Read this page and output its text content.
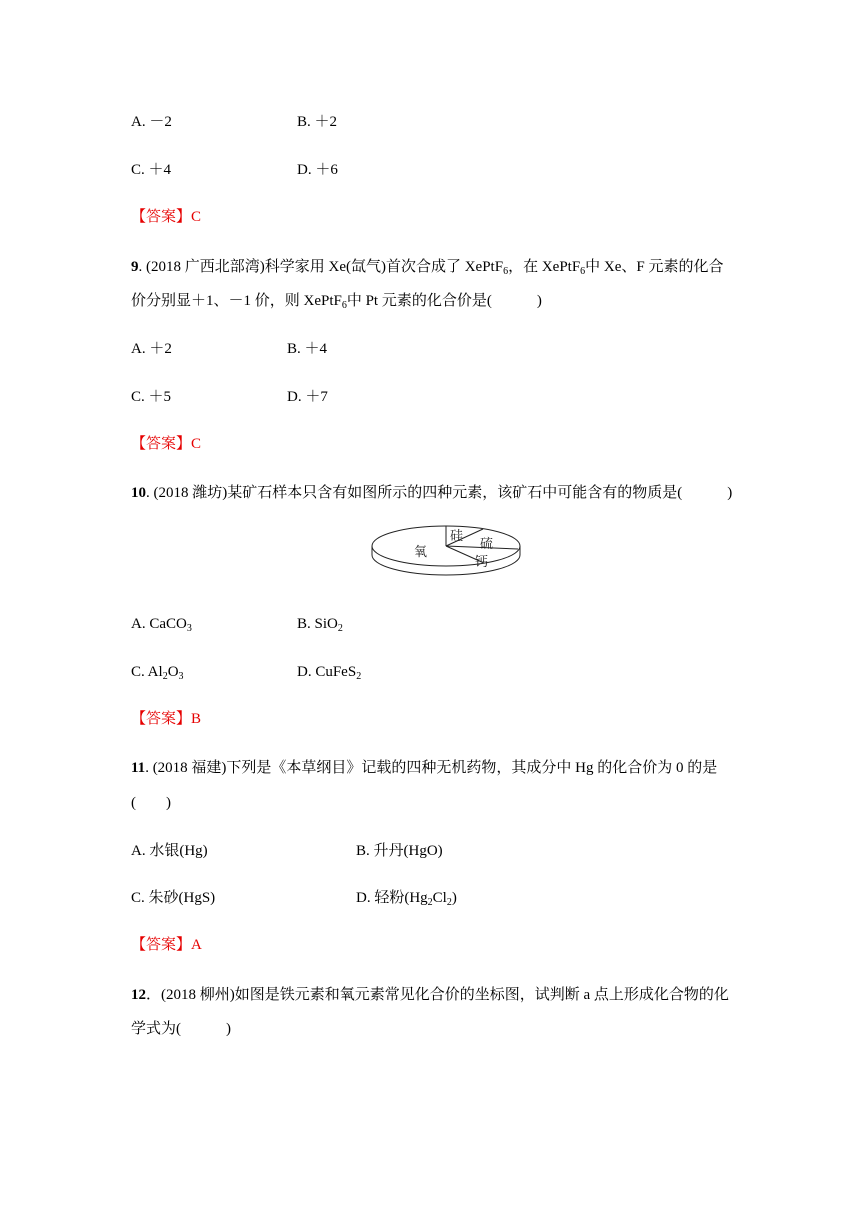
A. －2	B. ＋2
C. ＋4	D. ＋6
【答案】C
9. (2018 广西北部湾)科学家用 Xe(氙气)首次合成了 XePtF$_6$，在 XePtF$_6$中 Xe、F 元素的化合
价分别显＋1、－1 价，则 XePtF$_6$中 Pt 元素的化合价是(　　　)
A. ＋2	B. ＋4
C. ＋5	D. ＋7
【答案】C
10. (2018 潍坊)某矿石样本只含有如图所示的四种元素，该矿石中可能含有的物质是(　　　)
氧
硅
硫
钙
A. CaCO$_3$	B. SiO$_2$
C. $Al_2O_3$	D. CuFeS$_2$
【答案】B
11. (2018 福建)下列是《本草纲目》记载的四种无机药物，其成分中 Hg 的化合价为 0 的是
(　　)
A. 水银(Hg)	B. 升丹(HgO)
C. 朱砂(HgS)	D. 轻粉$(Hg_2Cl_2)$
【答案】A
12．(2018 柳州)如图是铁元素和氧元素常见化合价的坐标图，试判断 a 点上形成化合物的化
学式为(　　　)
